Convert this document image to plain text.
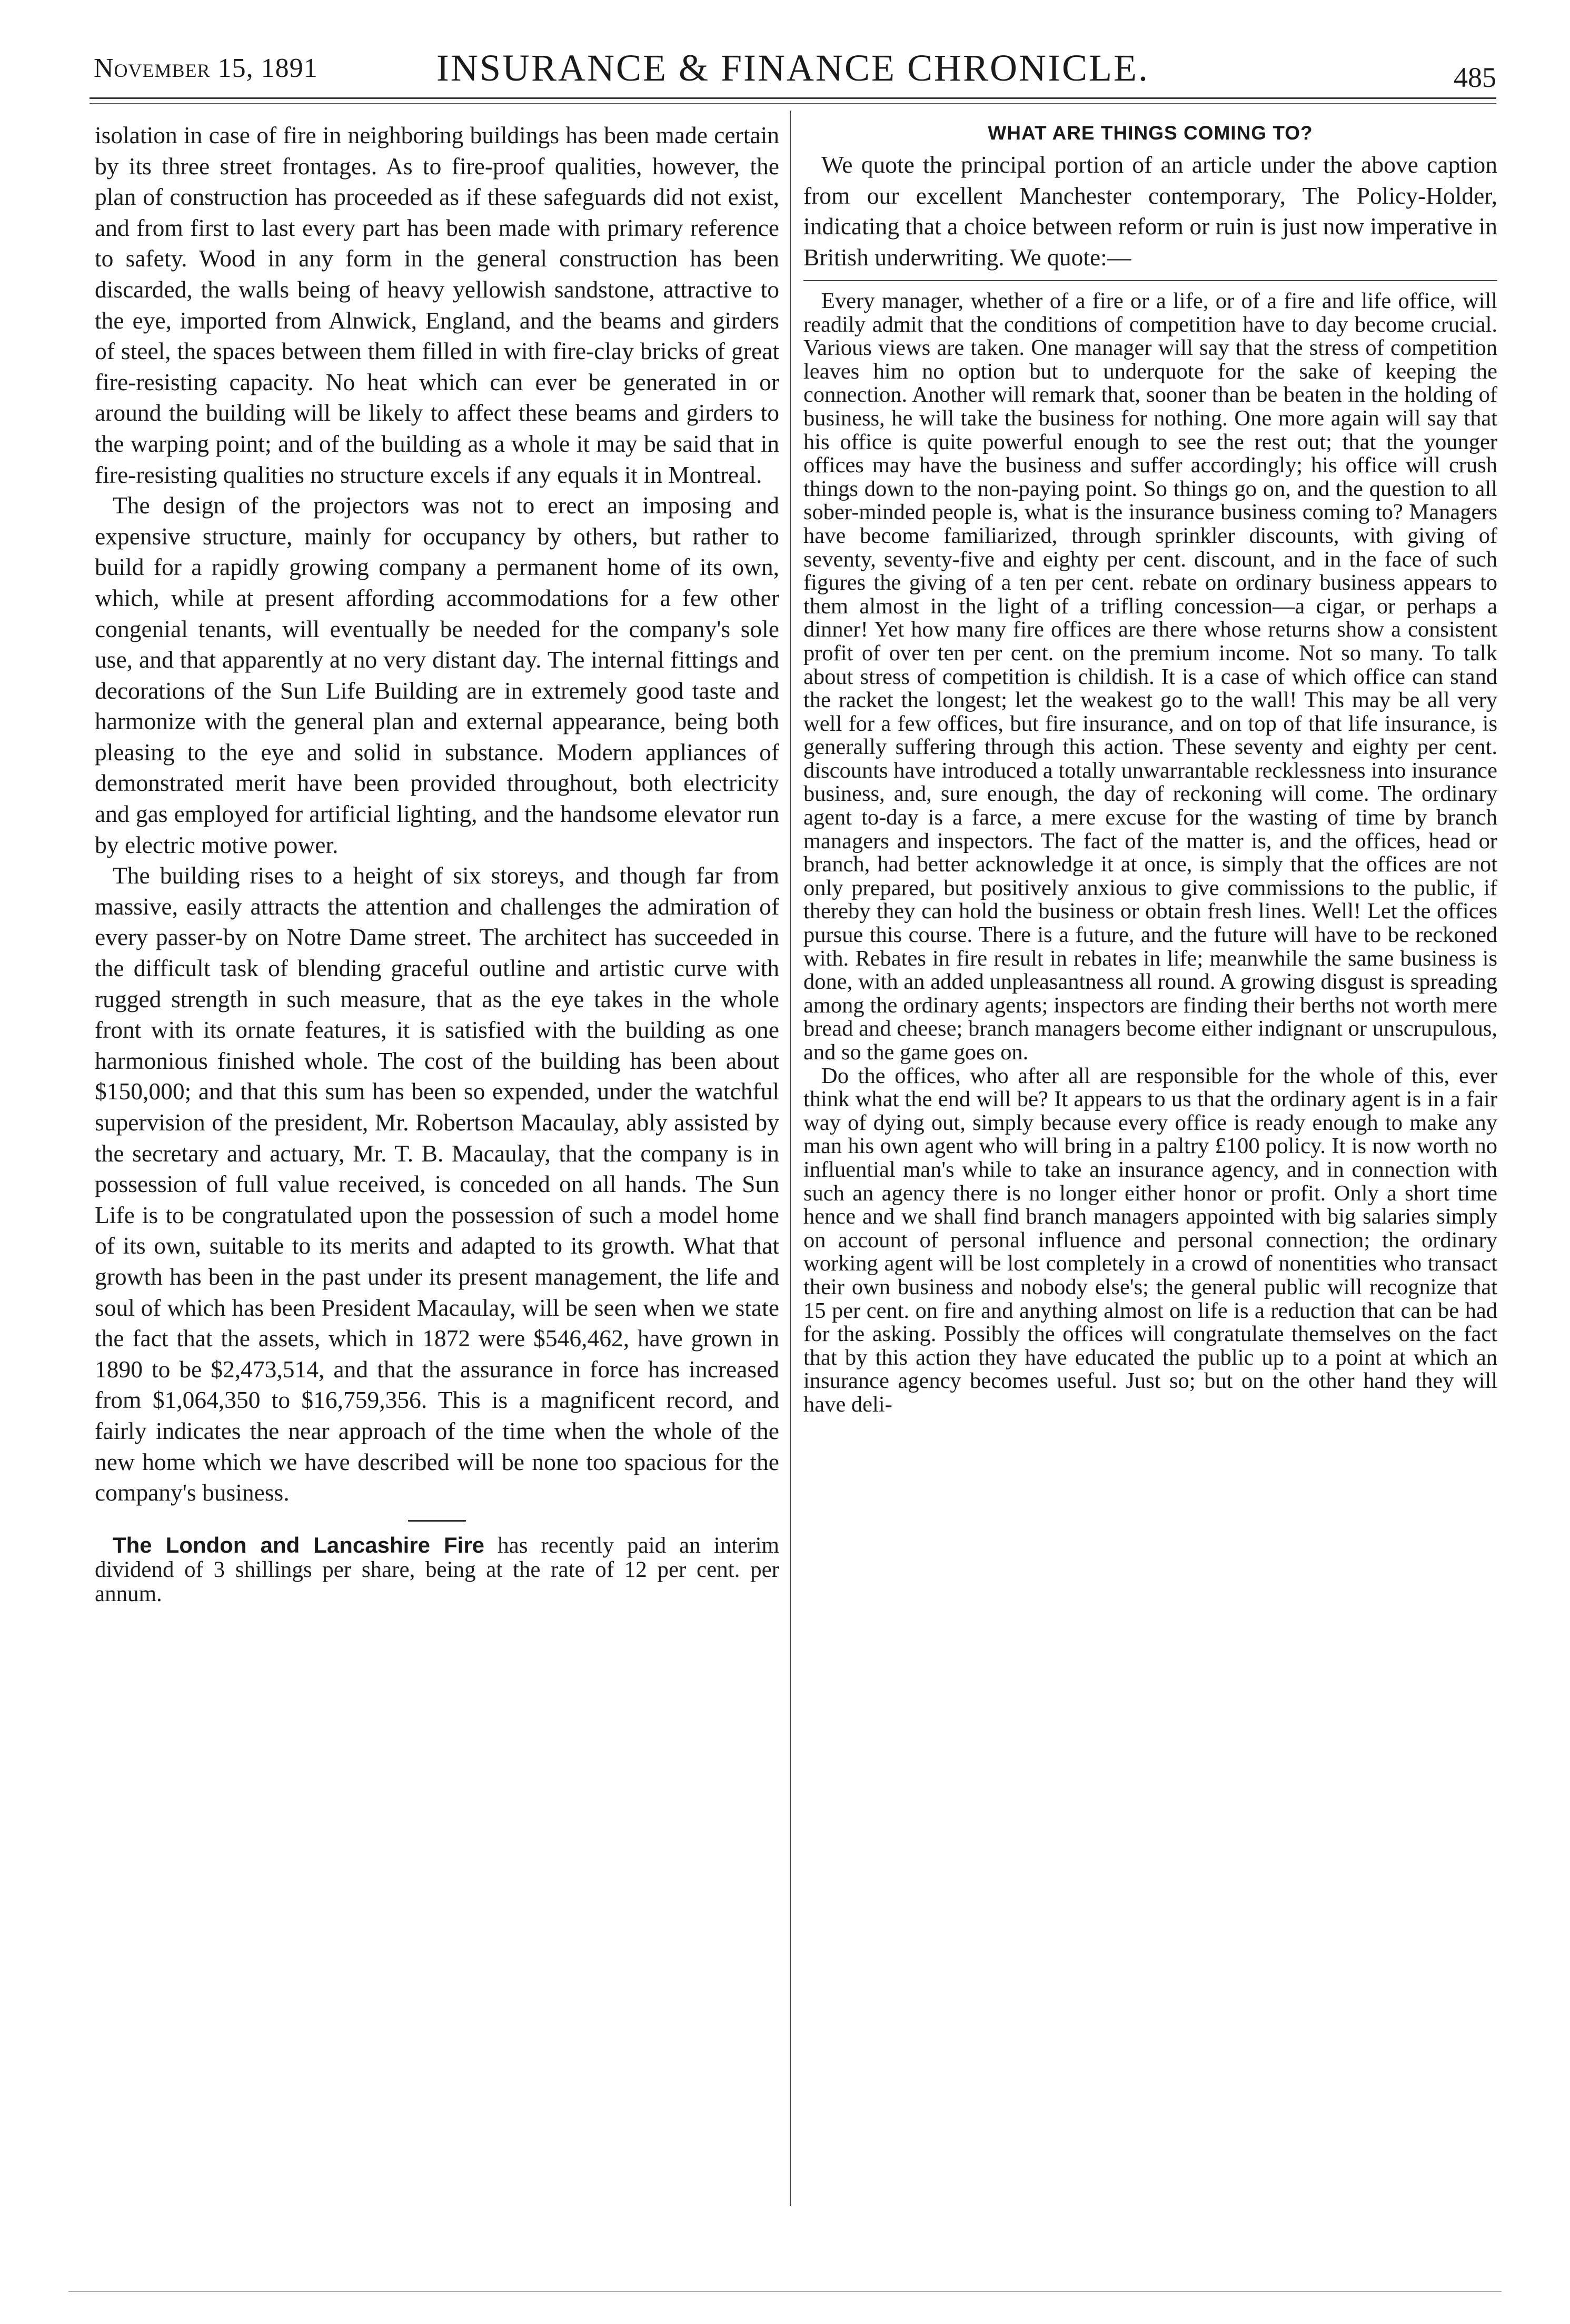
November 15, 1891	INSURANCE & FINANCE CHRONICLE.	485

isolation in case of fire in neighboring buildings has been made certain by its three street frontages. As to fire-proof qualities, however, the plan of construction has proceeded as if these safeguards did not exist, and from first to last every part has been made with primary reference to safety. Wood in any form in the general construction has been discarded, the walls being of heavy yellowish sandstone, attractive to the eye, imported from Alnwick, England, and the beams and girders of steel, the spaces between them filled in with fire-clay bricks of great fire-resisting capacity. No heat which can ever be generated in or around the building will be likely to affect these beams and girders to the warping point; and of the building as a whole it may be said that in fire-resisting qualities no structure excels if any equals it in Montreal.

The design of the projectors was not to erect an imposing and expensive structure, mainly for occupancy by others, but rather to build for a rapidly growing company a permanent home of its own, which, while at present affording accommodations for a few other congenial tenants, will eventually be needed for the company's sole use, and that apparently at no very distant day. The internal fittings and decorations of the Sun Life Building are in extremely good taste and harmonize with the general plan and external appearance, being both pleasing to the eye and solid in substance. Modern appliances of demonstrated merit have been provided throughout, both electricity and gas employed for artificial lighting, and the handsome elevator run by electric motive power.

The building rises to a height of six storeys, and though far from massive, easily attracts the attention and challenges the admiration of every passer-by on Notre Dame street. The architect has succeeded in the difficult task of blending graceful outline and artistic curve with rugged strength in such measure, that as the eye takes in the whole front with its ornate features, it is satisfied with the building as one harmonious finished whole. The cost of the building has been about $150,000; and that this sum has been so expended, under the watchful supervision of the president, Mr. Robertson Macaulay, ably assisted by the secretary and actuary, Mr. T. B. Macaulay, that the company is in possession of full value received, is conceded on all hands. The Sun Life is to be congratulated upon the possession of such a model home of its own, suitable to its merits and adapted to its growth. What that growth has been in the past under its present management, the life and soul of which has been President Macaulay, will be seen when we state the fact that the assets, which in 1872 were $546,462, have grown in 1890 to be $2,473,514, and that the assurance in force has increased from $1,064,350 to $16,759,356. This is a magnificent record, and fairly indicates the near approach of the time when the whole of the new home which we have described will be none too spacious for the company's business.

The London and Lancashire Fire has recently paid an interim dividend of 3 shillings per share, being at the rate of 12 per cent. per annum.

WHAT ARE THINGS COMING TO?

We quote the principal portion of an article under the above caption from our excellent Manchester contemporary, The Policy-Holder, indicating that a choice between reform or ruin is just now imperative in British underwriting. We quote:—

Every manager, whether of a fire or a life, or of a fire and life office, will readily admit that the conditions of competition have to day become crucial. Various views are taken. One manager will say that the stress of competition leaves him no option but to underquote for the sake of keeping the connection. Another will remark that, sooner than be beaten in the holding of business, he will take the business for nothing. One more again will say that his office is quite powerful enough to see the rest out; that the younger offices may have the business and suffer accordingly; his office will crush things down to the non-paying point. So things go on, and the question to all sober-minded people is, what is the insurance business coming to? Managers have become familiarized, through sprinkler discounts, with giving of seventy, seventy-five and eighty per cent. discount, and in the face of such figures the giving of a ten per cent. rebate on ordinary business appears to them almost in the light of a trifling concession—a cigar, or perhaps a dinner! Yet how many fire offices are there whose returns show a consistent profit of over ten per cent. on the premium income. Not so many. To talk about stress of competition is childish. It is a case of which office can stand the racket the longest; let the weakest go to the wall! This may be all very well for a few offices, but fire insurance, and on top of that life insurance, is generally suffering through this action. These seventy and eighty per cent. discounts have introduced a totally unwarrantable recklessness into insurance business, and, sure enough, the day of reckoning will come. The ordinary agent to-day is a farce, a mere excuse for the wasting of time by branch managers and inspectors. The fact of the matter is, and the offices, head or branch, had better acknowledge it at once, is simply that the offices are not only prepared, but positively anxious to give commissions to the public, if thereby they can hold the business or obtain fresh lines. Well! Let the offices pursue this course. There is a future, and the future will have to be reckoned with. Rebates in fire result in rebates in life; meanwhile the same business is done, with an added unpleasantness all round. A growing disgust is spreading among the ordinary agents; inspectors are finding their berths not worth mere bread and cheese; branch managers become either indignant or unscrupulous, and so the game goes on.

Do the offices, who after all are responsible for the whole of this, ever think what the end will be? It appears to us that the ordinary agent is in a fair way of dying out, simply because every office is ready enough to make any man his own agent who will bring in a paltry £100 policy. It is now worth no influential man's while to take an insurance agency, and in connection with such an agency there is no longer either honor or profit. Only a short time hence and we shall find branch managers appointed with big salaries simply on account of personal influence and personal connection; the ordinary working agent will be lost completely in a crowd of nonentities who transact their own business and nobody else's; the general public will recognize that 15 per cent. on fire and anything almost on life is a reduction that can be had for the asking. Possibly the offices will congratulate themselves on the fact that by this action they have educated the public up to a point at which an insurance agency becomes useful. Just so; but on the other hand they will have deli-
